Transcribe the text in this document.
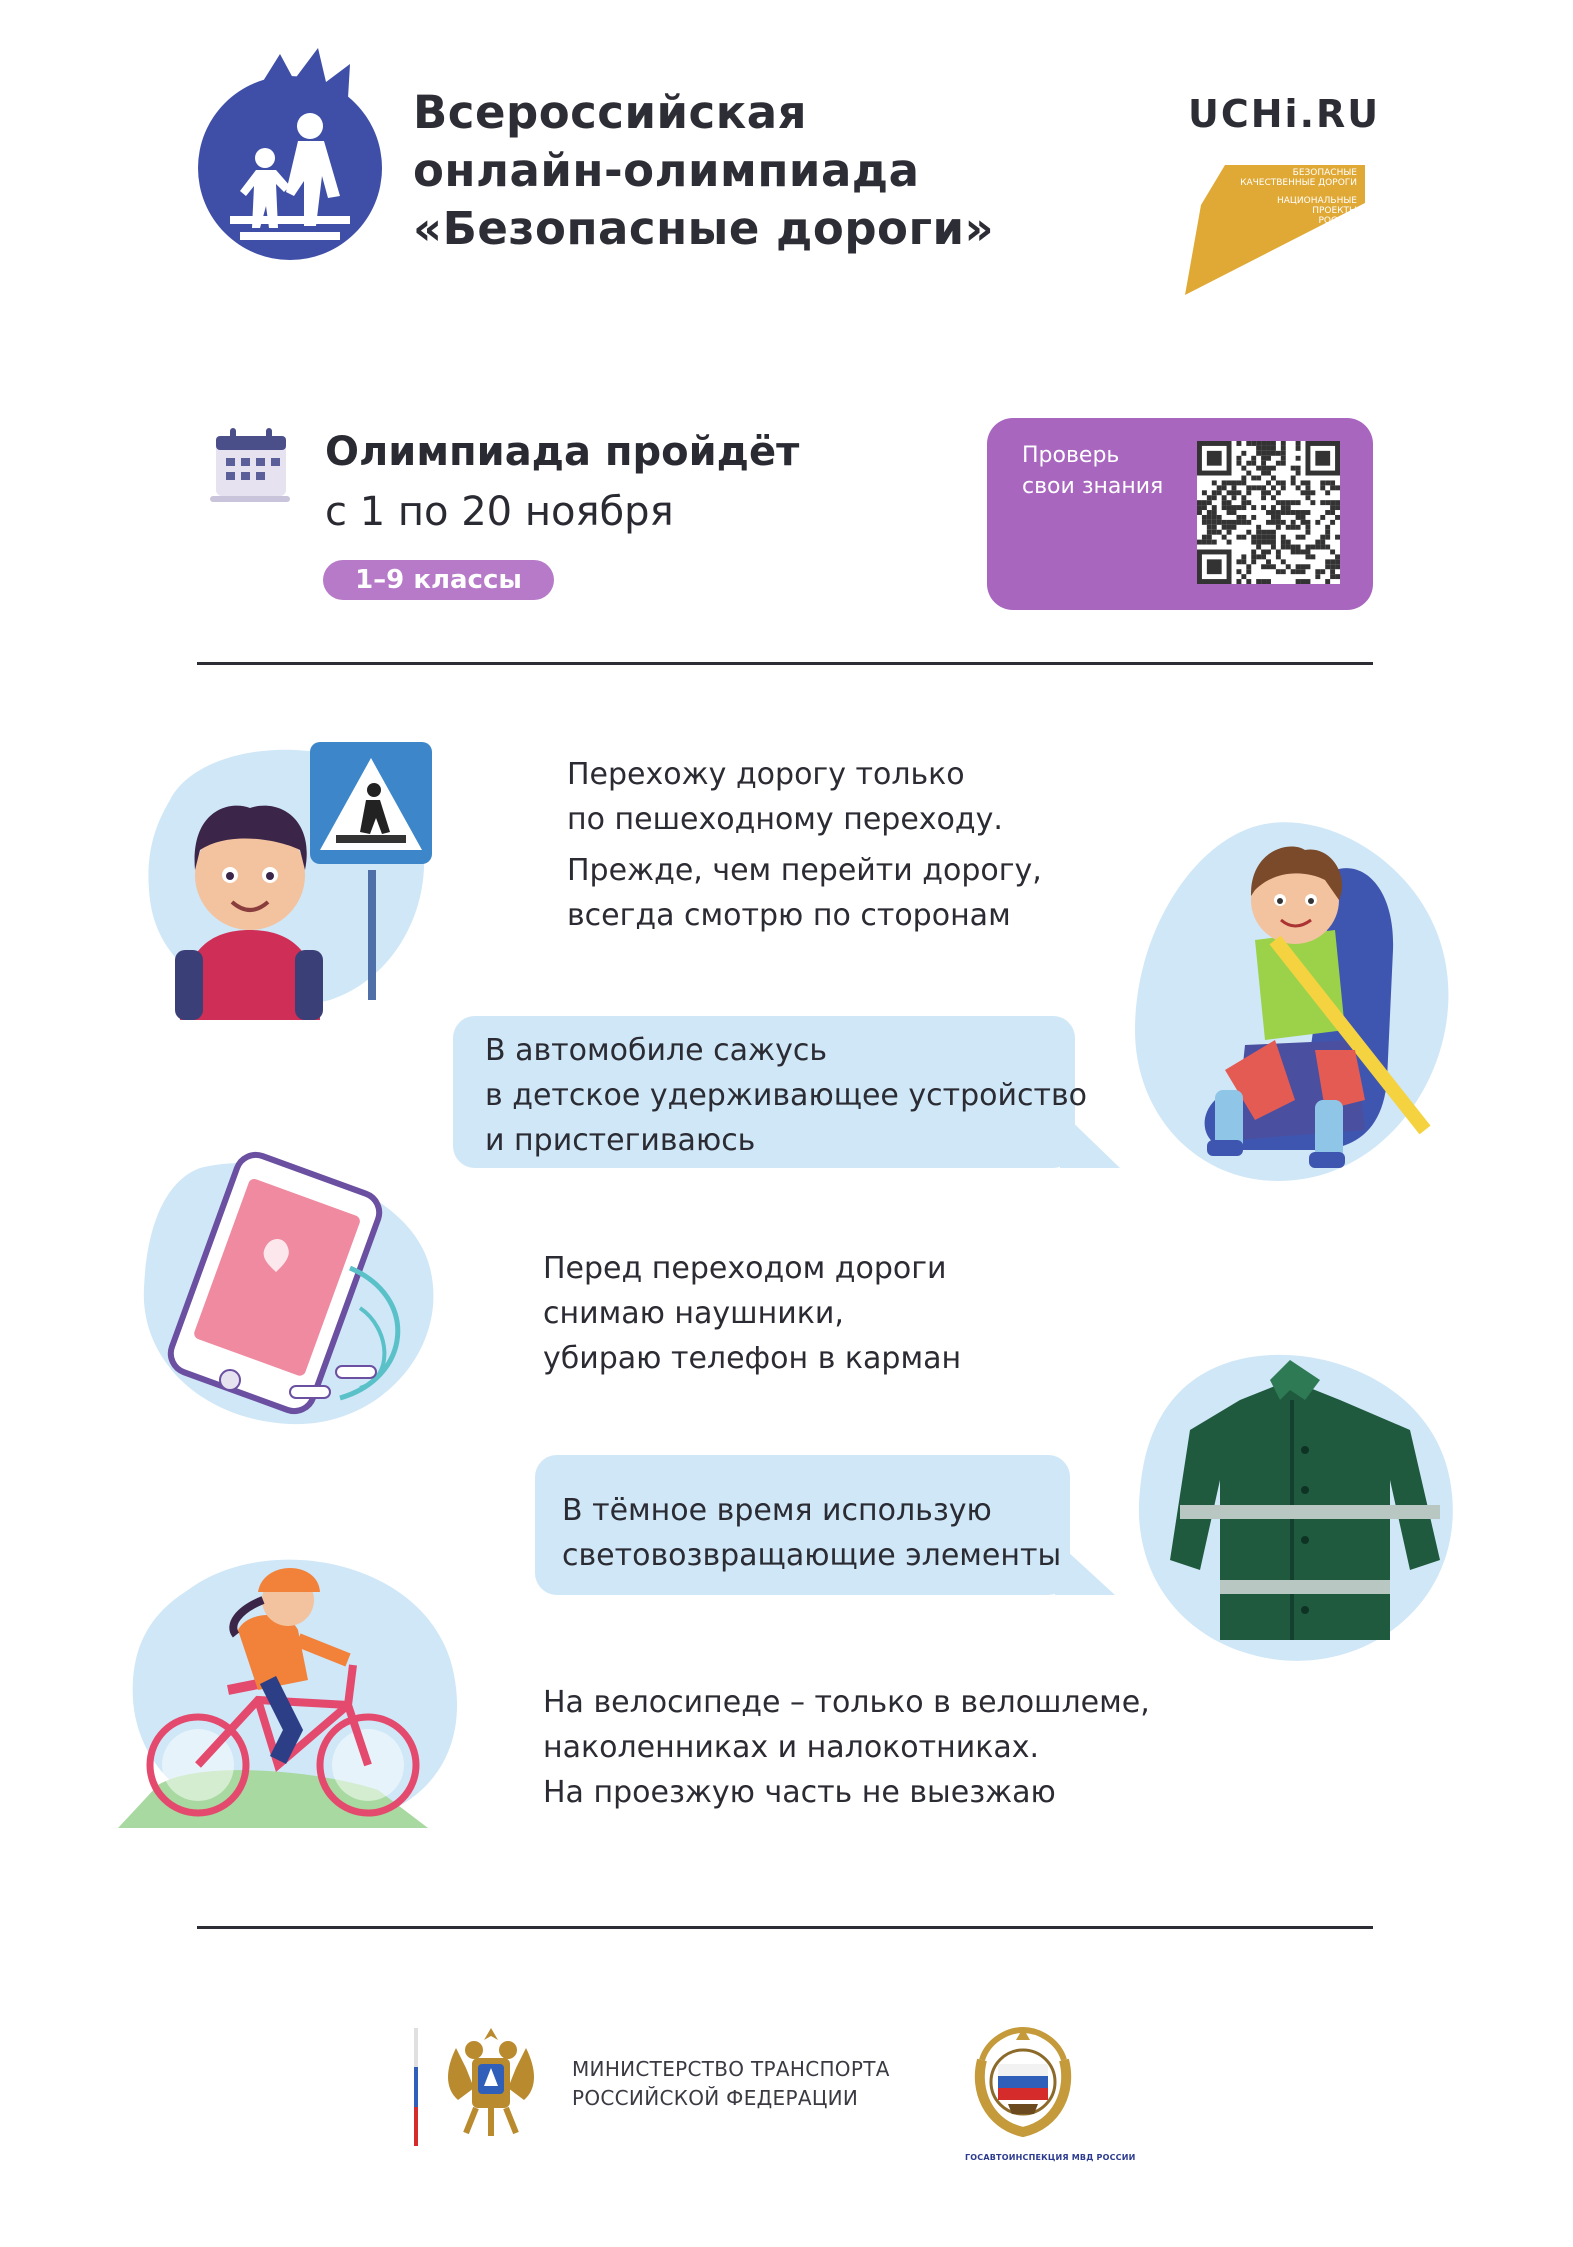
Всероссийская
онлайн-олимпиада
«Безопасные дороги»
UCHi.RU
БЕЗОПАСНЫЕ
КАЧЕСТВЕННЫЕ ДОРОГИ
НАЦИОНАЛЬНЫЕ
ПРОЕКТЫ
РОССИИ
Олимпиада пройдёт
с 1 по 20 ноября
1–9 классы
Проверь
свои знания
Перехожу дорогу только
по пешеходному переходу.
Прежде, чем перейти дорогу,
всегда смотрю по сторонам
В автомобиле сажусь
в детское удерживающее устройство
и пристегиваюсь
Перед переходом дороги
снимаю наушники,
убираю телефон в карман
В тёмное время использую
световозвращающие элементы
На велосипеде – только в велошлеме,
наколенниках и налокотниках.
На проезжую часть не выезжаю
МИНИСТЕРСТВО ТРАНСПОРТА
РОССИЙСКОЙ ФЕДЕРАЦИИ
ГОСАВТОИНСПЕКЦИЯ МВД РОССИИ
